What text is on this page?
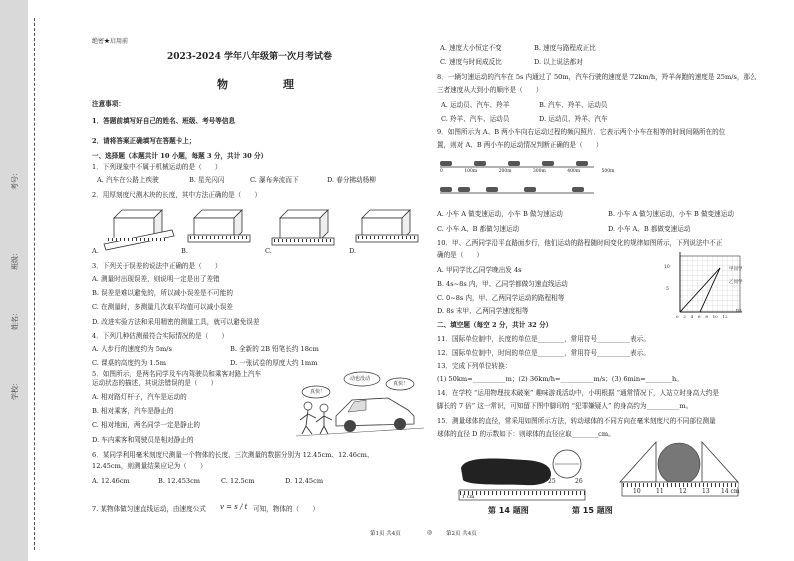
学校：
姓名：
班级：
考号：
绝密★启用前
2023-2024 学年八年级第一次月考试卷
物	理
注意事项：
1．答题前填写好自己的姓名、班级、考号等信息
2．请将答案正确填写在答题卡上；
一、选择题（本题共计 10 小题，每题 3 分，共计 30 分）
1．下列现象中不属于机械运动的是（　　）
A. 汽车在公路上疾驶	B. 星光闪闪	C. 瀑布奔流而下	D. 春分拂动杨柳
2．用厚刻度尺测木块的长度，其中方法正确的是（　　）
A.	B.	C.	D.
3．下列关于误差的说法中正确的是（　　）
A. 测量时出现误差，则说明一定是出了差错
B. 误差是难以避免的，所以减小误差是不可能的
C. 在测量时，多测量几次取平均值可以减小误差
D. 改进实验方法和采用精密的测量工具，就可以避免误差
4．下列几种估测最符合实际情况的是（　　）
A. 人步行的速度约为 5m/s	B. 全新的 2B 铅笔长约 18cm
C. 课桌的高度约为 1.5m	D. 一张试卷的厚度大约 1mm
5．如图所示，是两名同学及车内驾驶员和乘客对路上汽车
运动状态的描述，其说法错误的是（　　）
A. 相对路灯杆子，汽车是运动的
B. 相对乘客，汽车是静止的
C. 相对地面，两名同学一定是静止的
D. 车内乘客和驾驶员是相对静止的
真快！
动也没动
真快！
6．某同学利用毫米刻度尺测量一个物体的长度，三次测量的数据分别为 12.45cm、12.46cm、
12.45cm，则测量结果应记为（　　）
A. 12.46cm	B. 12.453cm	C. 12.5cm	D. 12.45cm
7. 某物体做匀速直线运动，由速度公式 v = s / t 可知，物体的（　　）
第1页 共4页	◎
A. 速度大小恒定不变	B. 速度与路程成正比
C. 速度与时间成反比	D. 以上说法都对
8．一辆匀速运动的汽车在 5s 内通过了 50m，汽车行驶的速度是 72km/h，羚羊奔跑的速度是 25m/s，那么
三者速度从大到小的顺序是（　　）
A. 运动员、汽车、羚羊	B. 汽车、羚羊、运动员
C. 羚羊、汽车、运动员	D. 运动员、羚羊、汽车
9．如图所示为 A、B 两小车向右运动过程的频闪照片．它表示两个小车在相等的时间间隔所在的位
置，则对 A、B 两小车的运动情况判断正确的是（　　）
0	100m	200m	300m	400m	500m
A. 小车 A 做变速运动，小车 B 做匀速运动	B. 小车 A 做匀速运动，小车 B 做变速运动
C. 小车 A、B 都做匀速运动	D. 小车 A、B 都做变速运动
10．甲、乙两同学沿平直路面步行，他们运动的路程随时间变化的规律如图所示，下列说法中不正
确的是（　　）
A. 甲同学比乙同学晚出发 4s
B. 4s~8s 内，甲、乙同学都做匀速直线运动
C. 0~8s 内，甲、乙两同学运动的路程相等
D. 8s 末甲、乙两同学速度相等
10
5
甲同学
乙同学
t/s
0 2 4 6 8 10 12
二、填空题（每空 2 分，共计 32 分）
11．国际单位制中，长度的单位是________，常用符号__________表示。
12．国际单位制中，时间的单位是________，常用符号__________表示。
13．完成下列单位转换：
(1) 50km=__________m；(2) 36km/h=__________m/s；(3) 6min=________h。
14．在学校 “运用物理技术破案” 趣味游戏活动中，小明根据 “通常情况下，人站立时身高大约是
脚长的 7 倍” 这一常识，可知留下图中脚印的 “犯罪嫌疑人” 的身高约为__________m。
15．测量球体的直径，常采用如图所示方法，转动球体的不同方向在毫米刻度尺的不同部位测量
球体的直径 D 的示数如下：则球体的直径应取________cm。
1 cm
25	26
10	11	12	13 14 cm
第 14 题图	第 15 题图
第2页 共4页
